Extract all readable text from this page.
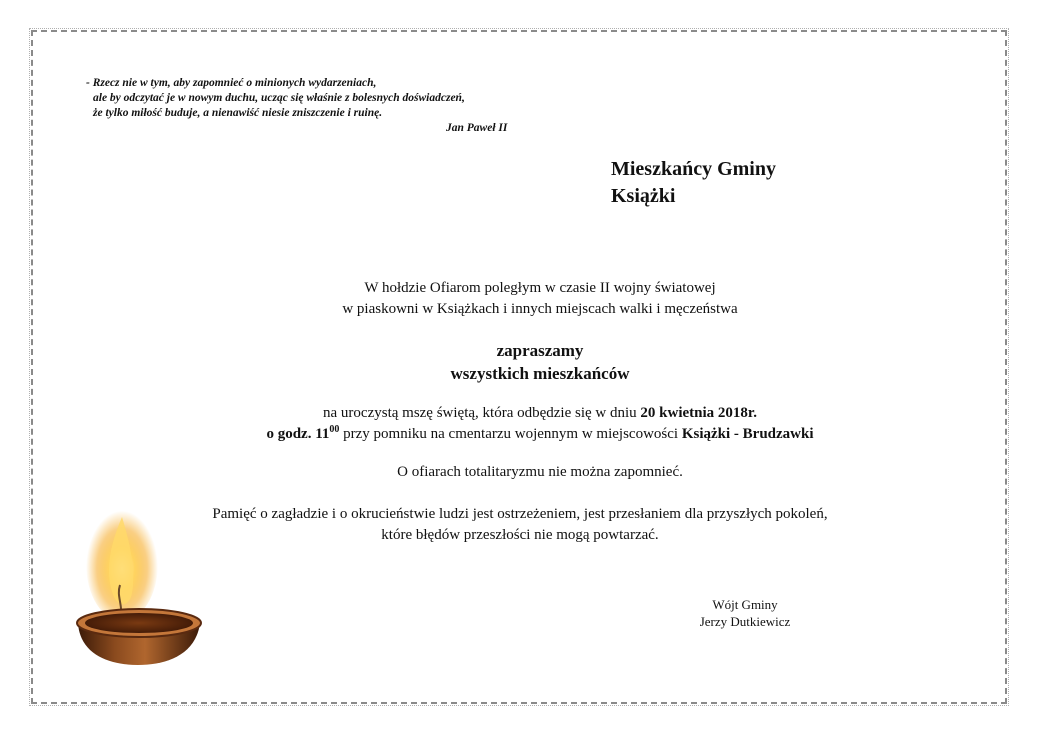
- Rzecz nie w tym, aby zapomnieć o minionych wydarzeniach,
ale by odczytać je w nowym duchu, ucząc się właśnie z bolesnych doświadczeń,
że tylko miłość buduje, a nienawiść niesie zniszczenie i ruinę.
Jan Paweł II
Mieszkańcy Gminy
Książki
W hołdzie Ofiarom poległym w czasie II wojny światowej
w piaskowni w Książkach i innych miejscach walki i męczeństwa
zapraszamy
wszystkich mieszkańców
na uroczystą mszę świętą, która odbędzie się w dniu 20 kwietnia 2018r.
o godz. $11^{00}$ przy pomniku na cmentarzu wojennym w miejscowości Książki - Brudzawki
O ofiarach totalitaryzmu nie można zapomnieć.
Pamięć o zagładzie i o okrucieństwie ludzi jest ostrzeżeniem, jest przesłaniem dla przyszłych pokoleń,
które błędów przeszłości nie mogą powtarzać.
Wójt Gminy
Jerzy Dutkiewicz
